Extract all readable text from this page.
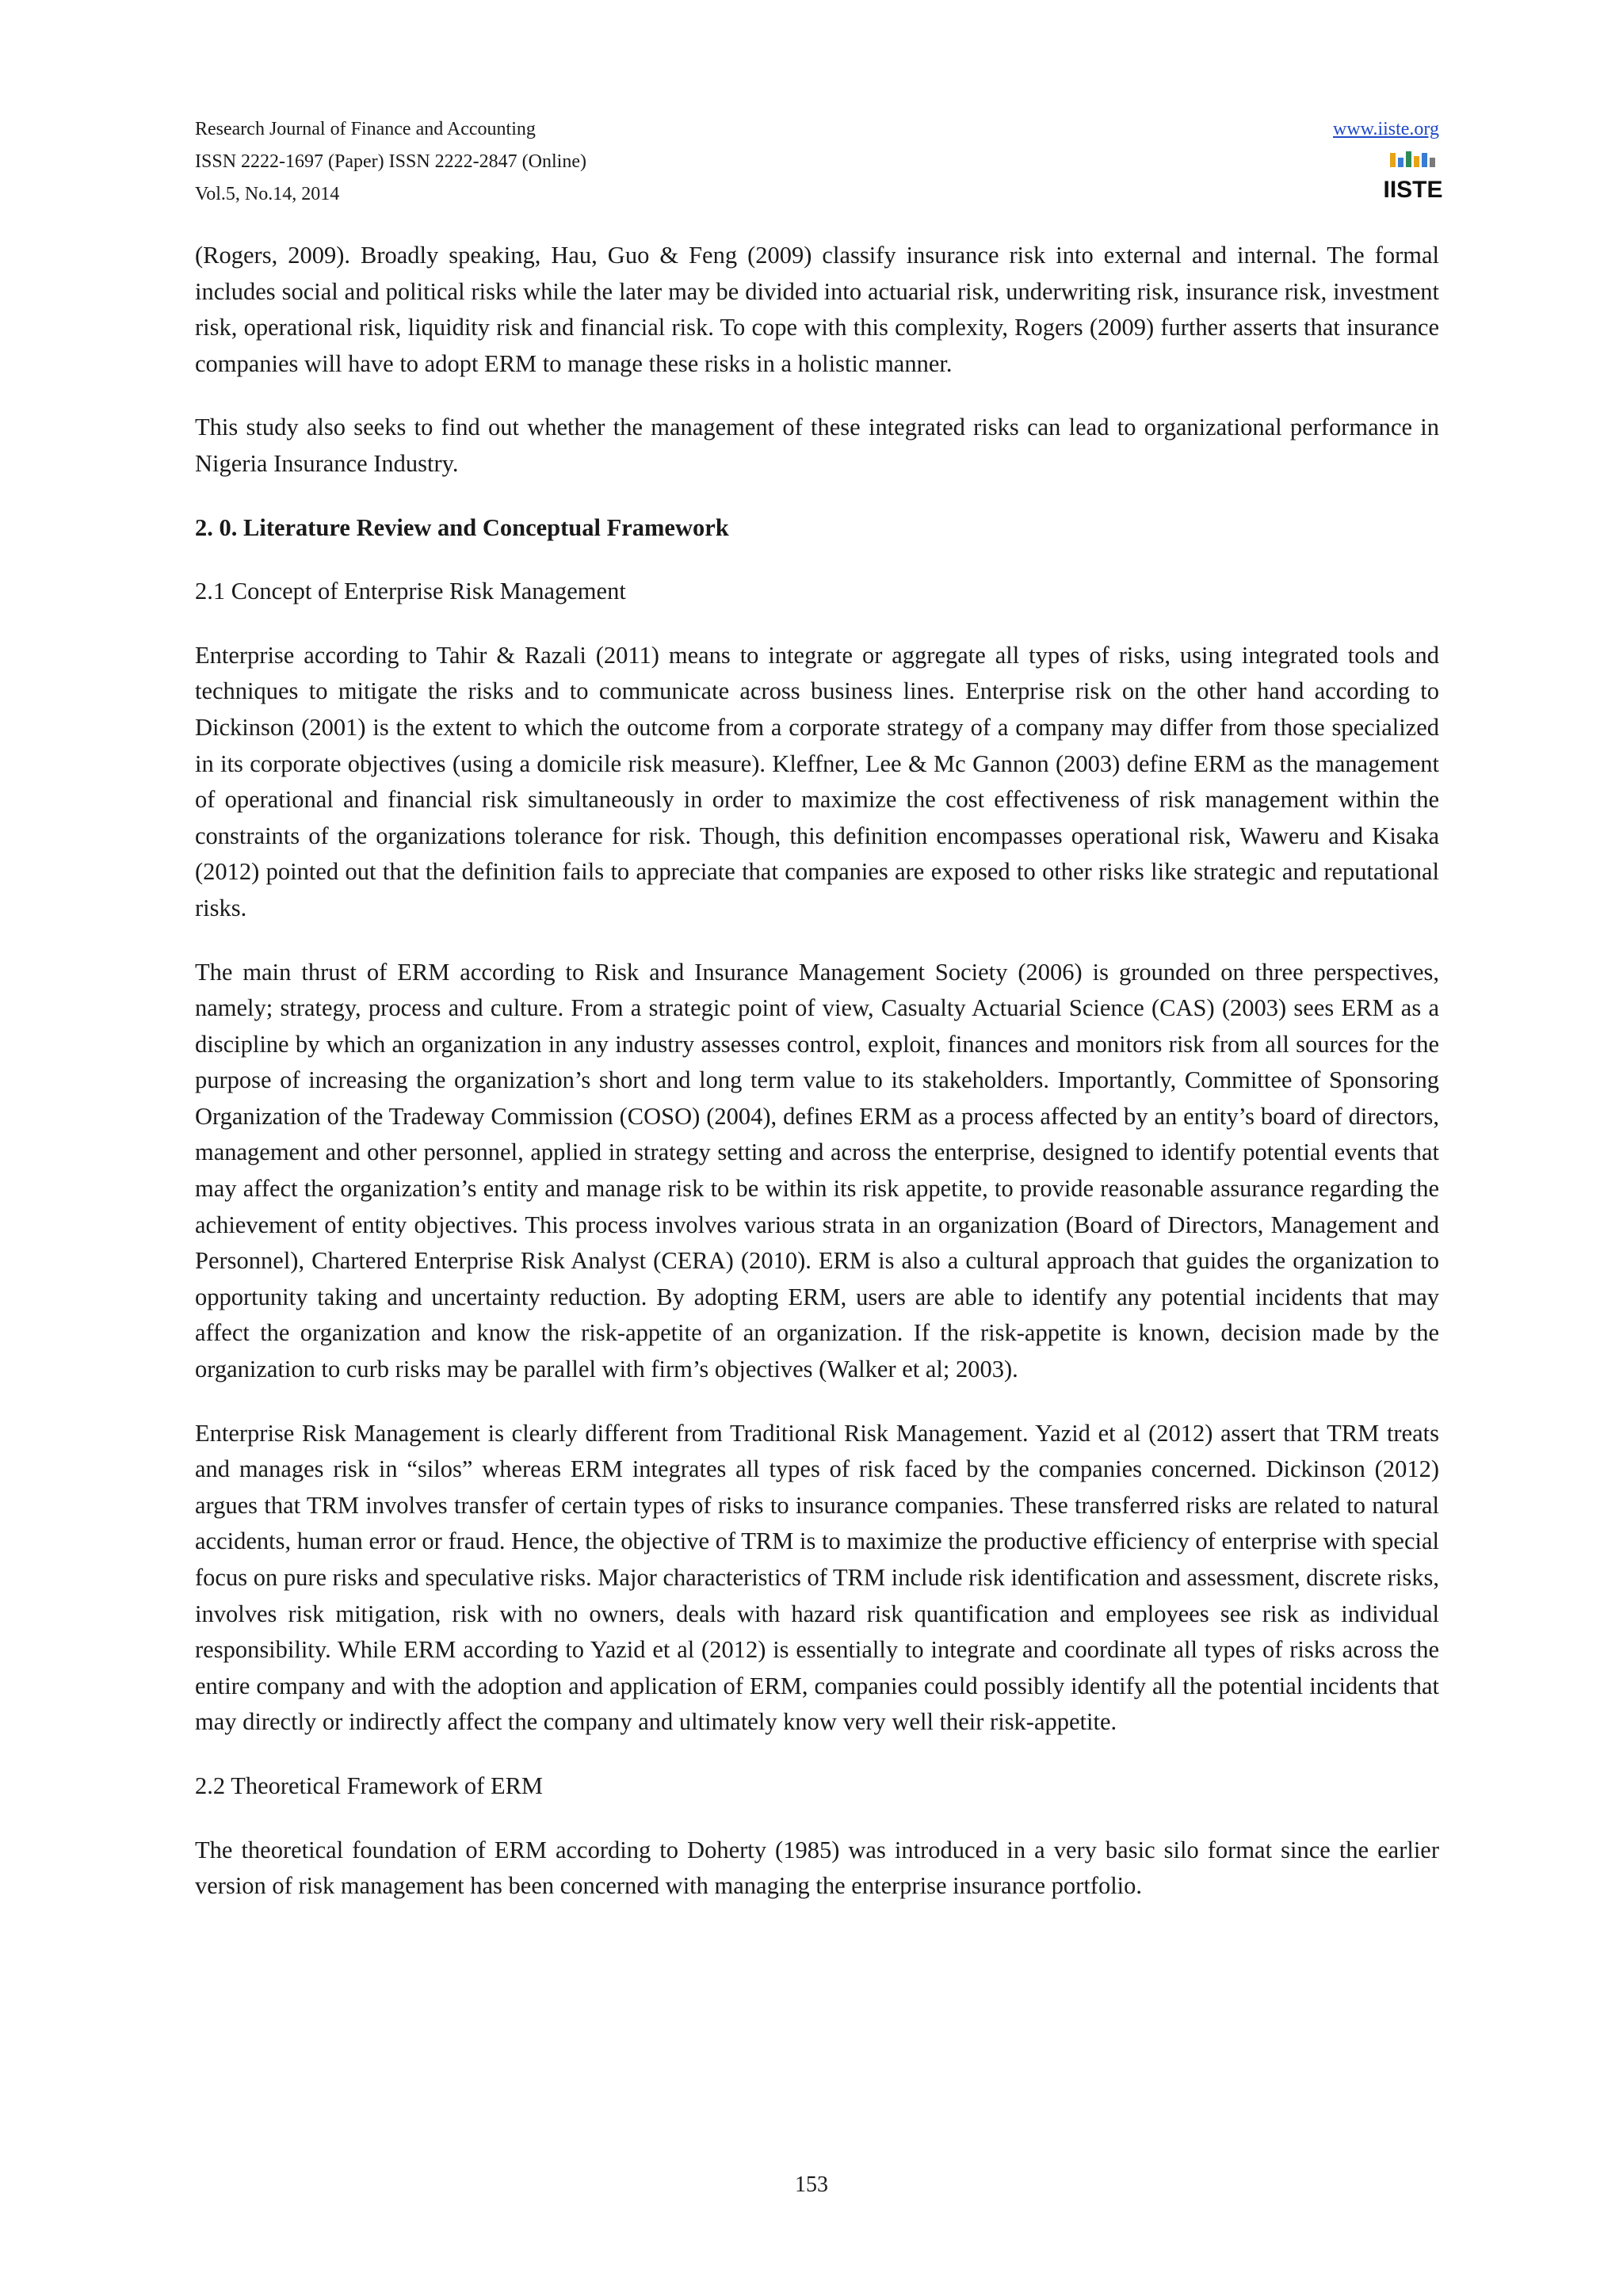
Research Journal of Finance and Accounting

ISSN 2222-1697 (Paper) ISSN 2222-2847 (Online)

Vol.5, No.14, 2014

www.iiste.org
IISTE

(Rogers, 2009). Broadly speaking, Hau, Guo & Feng (2009) classify insurance risk into external and internal. The formal includes social and political risks while the later may be divided into actuarial risk, underwriting risk, insurance risk, investment risk, operational risk, liquidity risk and financial risk. To cope with this complexity, Rogers (2009) further asserts that insurance companies will have to adopt ERM to manage these risks in a holistic manner.

This study also seeks to find out whether the management of these integrated risks can lead to organizational performance in Nigeria Insurance Industry.

2. 0. Literature Review and Conceptual Framework

2.1 Concept of Enterprise Risk Management

Enterprise according to Tahir & Razali (2011) means to integrate or aggregate all types of risks, using integrated tools and techniques to mitigate the risks and to communicate across business lines. Enterprise risk on the other hand according to Dickinson (2001) is the extent to which the outcome from a corporate strategy of a company may differ from those specialized in its corporate objectives (using a domicile risk measure). Kleffner, Lee & Mc Gannon (2003) define ERM as the management of operational and financial risk simultaneously in order to maximize the cost effectiveness of risk management within the constraints of the organizations tolerance for risk. Though, this definition encompasses operational risk, Waweru and Kisaka (2012) pointed out that the definition fails to appreciate that companies are exposed to other risks like strategic and reputational risks.

The main thrust of ERM according to Risk and Insurance Management Society (2006) is grounded on three perspectives, namely; strategy, process and culture. From a strategic point of view, Casualty Actuarial Science (CAS) (2003) sees ERM as a discipline by which an organization in any industry assesses control, exploit, finances and monitors risk from all sources for the purpose of increasing the organization’s short and long term value to its stakeholders. Importantly, Committee of Sponsoring Organization of the Tradeway Commission (COSO) (2004), defines ERM as a process affected by an entity’s board of directors, management and other personnel, applied in strategy setting and across the enterprise, designed to identify potential events that may affect the organization’s entity and manage risk to be within its risk appetite, to provide reasonable assurance regarding the achievement of entity objectives. This process involves various strata in an organization (Board of Directors, Management and Personnel), Chartered Enterprise Risk Analyst (CERA) (2010). ERM is also a cultural approach that guides the organization to opportunity taking and uncertainty reduction. By adopting ERM, users are able to identify any potential incidents that may affect the organization and know the risk-appetite of an organization. If the risk-appetite is known, decision made by the organization to curb risks may be parallel with firm’s objectives (Walker et al; 2003).

Enterprise Risk Management is clearly different from Traditional Risk Management. Yazid et al (2012) assert that TRM treats and manages risk in “silos” whereas ERM integrates all types of risk faced by the companies concerned. Dickinson (2012) argues that TRM involves transfer of certain types of risks to insurance companies. These transferred risks are related to natural accidents, human error or fraud. Hence, the objective of TRM is to maximize the productive efficiency of enterprise with special focus on pure risks and speculative risks. Major characteristics of TRM include risk identification and assessment, discrete risks, involves risk mitigation, risk with no owners, deals with hazard risk quantification and employees see risk as individual responsibility. While ERM according to Yazid et al (2012) is essentially to integrate and coordinate all types of risks across the entire company and with the adoption and application of ERM, companies could possibly identify all the potential incidents that may directly or indirectly affect the company and ultimately know very well their risk-appetite.

2.2 Theoretical Framework of ERM

The theoretical foundation of ERM according to Doherty (1985) was introduced in a very basic silo format since the earlier version of risk management has been concerned with managing the enterprise insurance portfolio.

153
